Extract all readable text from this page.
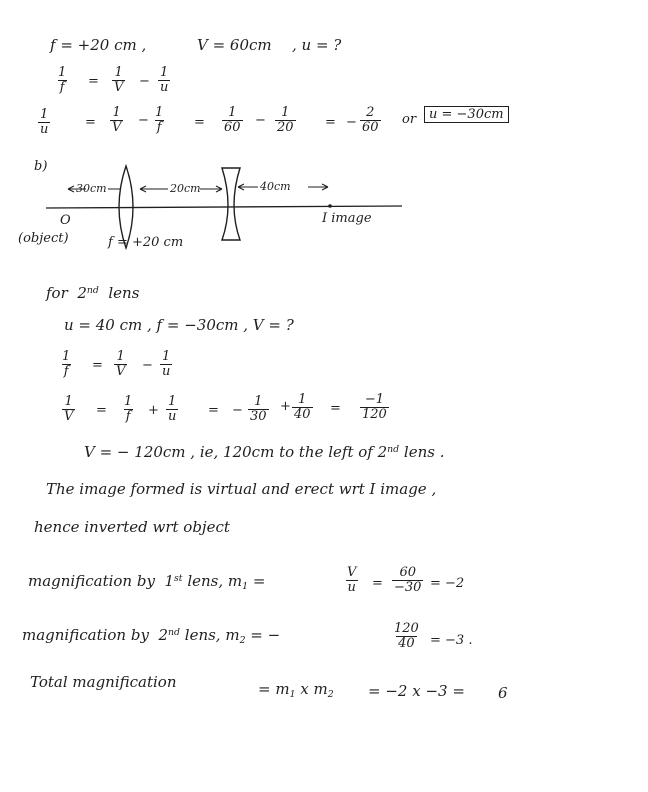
f = +20 cm ,	V = 60cm , u = ?
$\frac{1}{f} = \frac{1}{V} - \frac{1}{u}$
$\frac{1}{u}$	= $\frac{1}{V} - \frac{1}{f} = \frac{1}{60} - \frac{1}{20}$ = − $\frac{2}{60}$ or u = −30cm
b)
30cm	20cm	40cm
O
(object)	f = +20 cm
I image
for 2nd lens
u = 40 cm , f = −30cm , V = ?
$\frac{1}{f} = \frac{1}{V} - \frac{1}{u}$
$\frac{1}{V} = \frac{1}{f} + \frac{1}{u}$ = − $\frac{1}{30} + \frac{1}{40} = \frac{-1}{120}$
V = − 120cm , ie, 120cm to the left of 2nd lens .
The image formed is virtual and erect wrt I image ,
hence inverted wrt object
magnification by 1st lens, $m_1$ =	$\frac{V}{u} = \frac{60}{-30} = -2$
magnification by 2nd lens, $m_2$ = −	$\frac{120}{40} = -3$ .
Total magnification	= $m_1$ x $m_2 = -2$ x −3 = 6
